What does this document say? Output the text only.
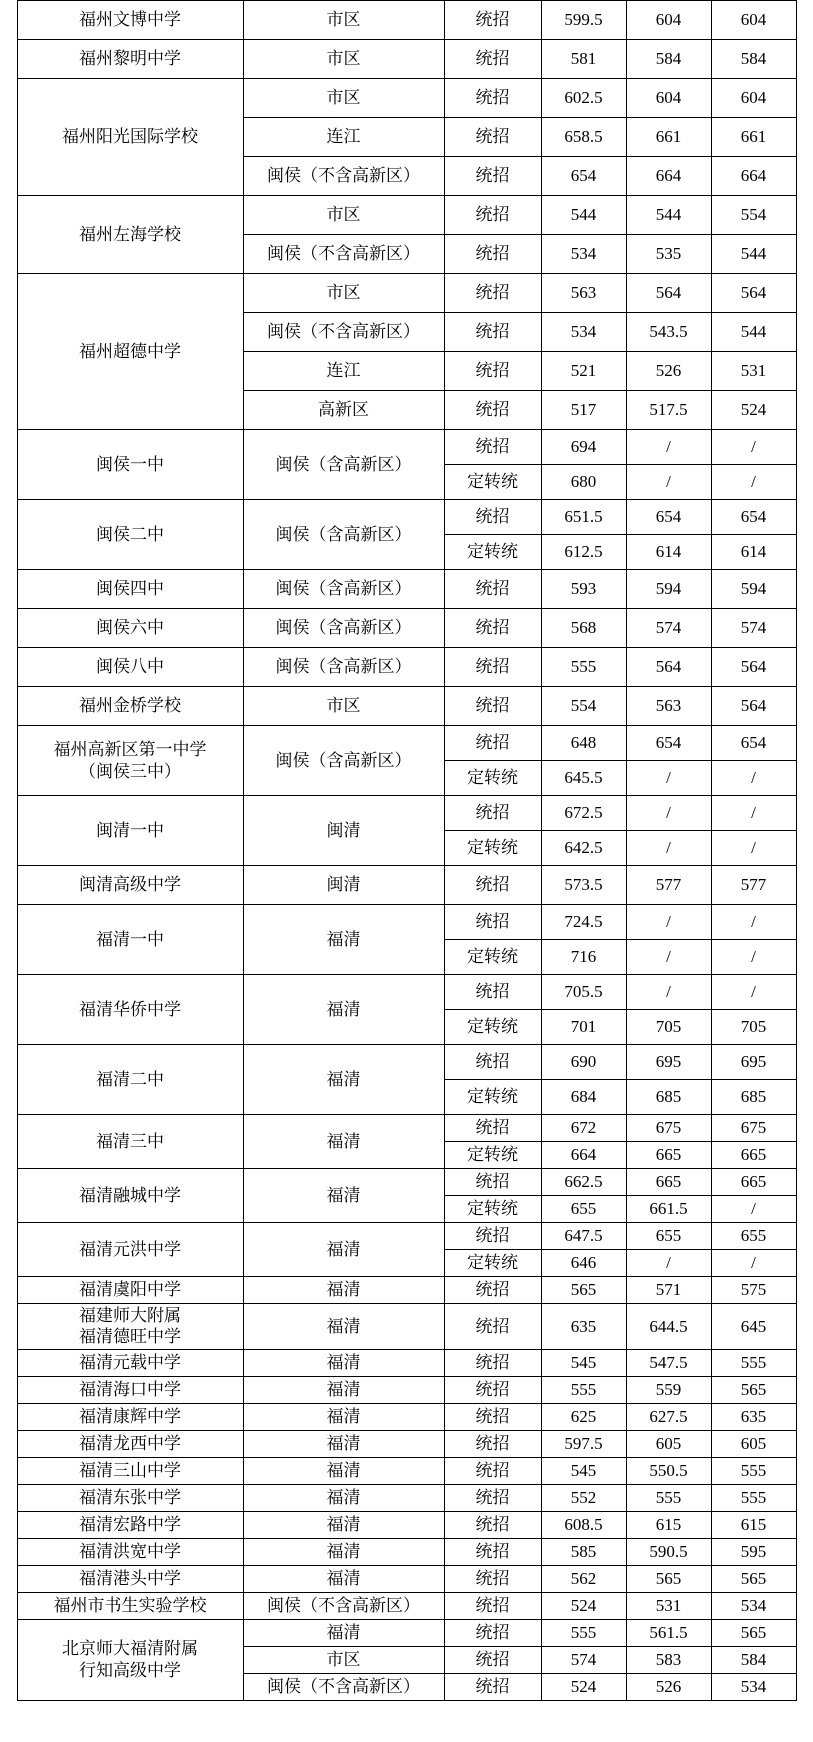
福州文博中学	市区	统招	599.5	604	604
福州黎明中学	市区	统招	581	584	584
福州阳光国际学校	市区	统招	602.5	604	604
	连江	统招	658.5	661	661
	闽侯（不含高新区）	统招	654	664	664
福州左海学校	市区	统招	544	544	554
	闽侯（不含高新区）	统招	534	535	544
福州超德中学	市区	统招	563	564	564
	闽侯（不含高新区）	统招	534	543.5	544
	连江	统招	521	526	531
	高新区	统招	517	517.5	524
闽侯一中	闽侯（含高新区）	统招	694	/	/
		定转统	680	/	/
闽侯二中	闽侯（含高新区）	统招	651.5	654	654
		定转统	612.5	614	614
闽侯四中	闽侯（含高新区）	统招	593	594	594
闽侯六中	闽侯（含高新区）	统招	568	574	574
闽侯八中	闽侯（含高新区）	统招	555	564	564
福州金桥学校	市区	统招	554	563	564
福州高新区第一中学
（闽侯三中）	闽侯（含高新区）	统招	648	654	654
		定转统	645.5	/	/
闽清一中	闽清	统招	672.5	/	/
		定转统	642.5	/	/
闽清高级中学	闽清	统招	573.5	577	577
福清一中	福清	统招	724.5	/	/
		定转统	716	/	/
福清华侨中学	福清	统招	705.5	/	/
		定转统	701	705	705
福清二中	福清	统招	690	695	695
		定转统	684	685	685
福清三中	福清	统招	672	675	675
		定转统	664	665	665
福清融城中学	福清	统招	662.5	665	665
		定转统	655	661.5	/
福清元洪中学	福清	统招	647.5	655	655
		定转统	646	/	/
福清虞阳中学	福清	统招	565	571	575
福建师大附属
福清德旺中学	福清	统招	635	644.5	645
福清元载中学	福清	统招	545	547.5	555
福清海口中学	福清	统招	555	559	565
福清康辉中学	福清	统招	625	627.5	635
福清龙西中学	福清	统招	597.5	605	605
福清三山中学	福清	统招	545	550.5	555
福清东张中学	福清	统招	552	555	555
福清宏路中学	福清	统招	608.5	615	615
福清洪宽中学	福清	统招	585	590.5	595
福清港头中学	福清	统招	562	565	565
福州市书生实验学校	闽侯（不含高新区）	统招	524	531	534
北京师大福清附属
行知高级中学	福清	统招	555	561.5	565
	市区	统招	574	583	584
	闽侯（不含高新区）	统招	524	526	534
